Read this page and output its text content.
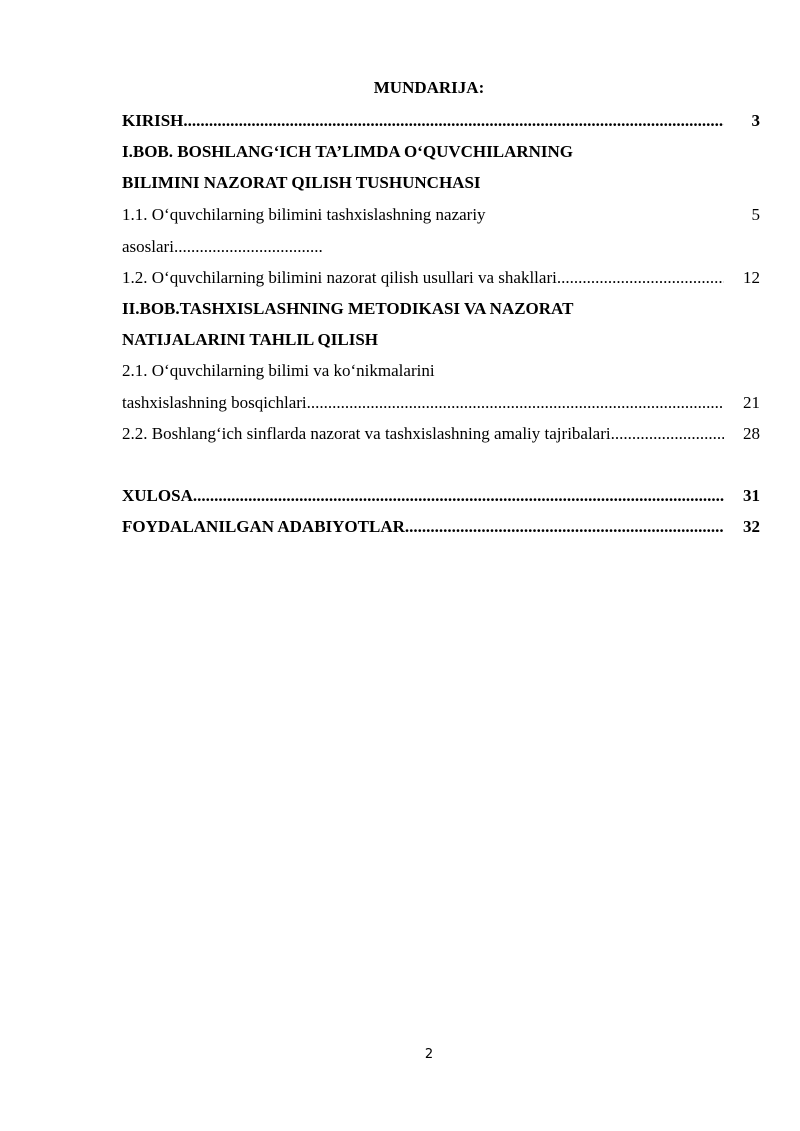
MUNDARIJA:
KIRISH .....	3
I.BOB. BOSHLANG‘ICH TA’LIMDA O‘QUVCHILARNING
BILIMINI NAZORAT QILISH TUSHUNCHASI
1.1. O‘quvchilarning bilimini tashxislashning nazariy	5
asoslari
.....
1.2. O‘quvchilarning bilimini nazorat qilish usullari va shakllari .....	12
II.BOB.TASHXISLASHNING METODIKASI VA NAZORAT
NATIJALARINI TAHLIL QILISH
2.1. O‘quvchilarning bilimi va ko‘nikmalarini
tashxislashning bosqichlari .....	21
2.2. Boshlang‘ich sinflarda nazorat va tashxislashning amaliy tajribalari .....	28
XULOSA .....	31
FOYDALANILGAN ADABIYOTLAR .....	32
2
